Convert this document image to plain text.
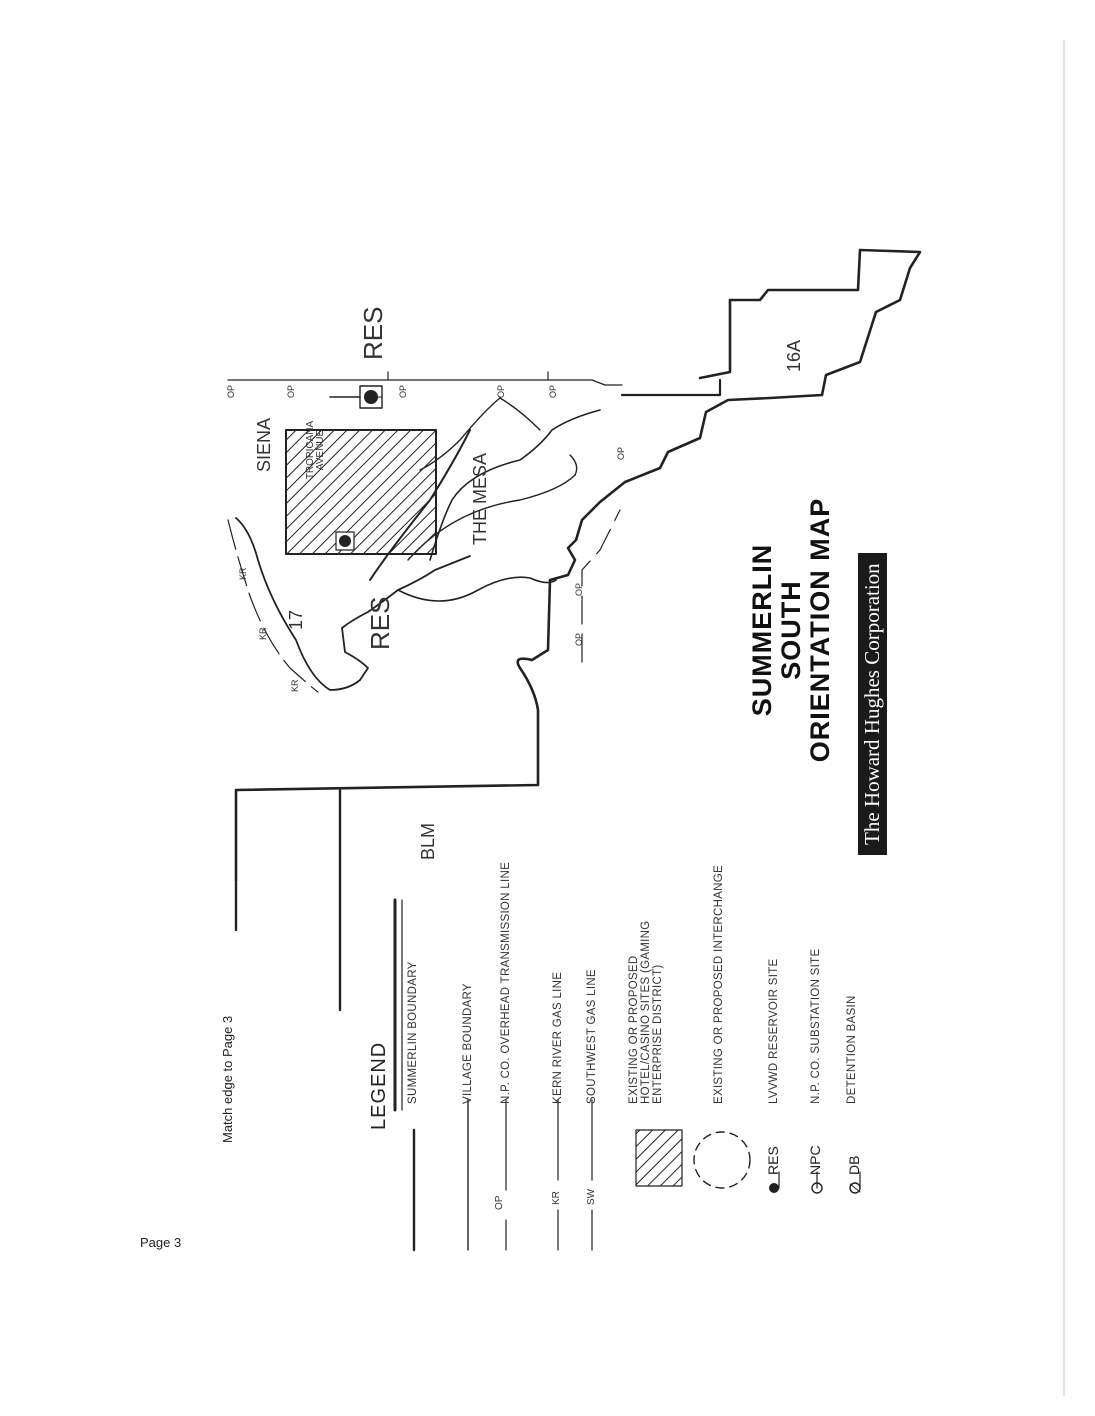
Match edge to Page 3
Page 3
LEGEND SUMMERLIN BOUNDARY	VILLAGE BOUNDARY
OP
N.P. CO. OVERHEAD TRANSMISSION LINE
KR
KERN RIVER GAS LINE
SW
SOUTHWEST GAS LINE	EXISTING OR PROPOSED HOTEL/CASINO SITES (GAMING ENTERPRISE DISTRICT)	EXISTING OR PROPOSED INTERCHANGE
RES
LVVWD RESERVOIR SITE
NPC
N.P. CO. SUBSTATION SITE
DB
DETENTION BASIN
BLM
17
SIENA
THE MESA
TROPICANA AVENUE
16A
RES
RES
OP	OP	OP	OP	OP
OP
OP
OP
KR
KR
KR	SUMMERLIN SOUTH ORIENTATION MAP The Howard Hughes Corporation
